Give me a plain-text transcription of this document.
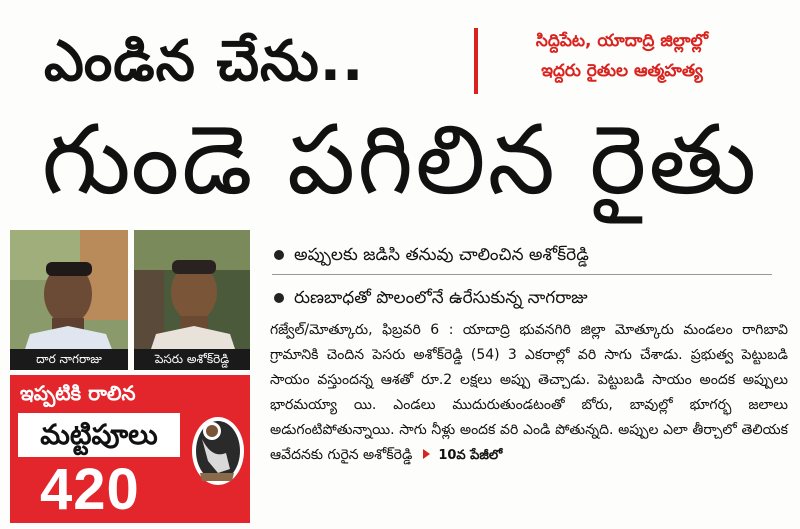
ఎండిన చేను..	సిద్దిపేట, యాదాద్రి జిల్లాల్లో
ఇద్దరు రైతుల ఆత్మహత్య
గుండె పగిలిన రైతు
దార నాగరాజు	పెసరు అశోక్‌రెడ్డి
అప్పులకు జడిసి తనువు చాలించిన అశోక్‌రెడ్డి
రుణబాధతో పొలంలోనే ఉరేసుకున్న నాగరాజు

గజ్వేల్/మోత్కూరు, ఫిబ్రవరి 6 : యాదాద్రి భువనగిరి జిల్లా మోత్కూరు మండలం రాగిబావి గ్రామానికి చెందిన పెసరు అశోక్‌రెడ్డి (54) 3 ఎకరాల్లో వరి సాగు చేశాడు. ప్రభుత్వ పెట్టుబడి సాయం వస్తుందన్న ఆశతో రూ.2 లక్షలు అప్పు తెచ్చాడు. పెట్టుబడి సాయం అందక అప్పులు భారమయ్యా యి. ఎండలు ముదురుతుండటంతో బోరు, బావుల్లో భూగర్భ జలాలు అడుగంటిపోతున్నాయి. సాగు నీళ్లు అందక వరి ఎండి పోతున్నది. అప్పుల ఎలా తీర్చాలో తెలియక ఆవేదనకు గురైన అశోక్‌రెడ్డి 10వ పేజీలో

ఇప్పటికి రాలిన
మట్టిపూలు
420
